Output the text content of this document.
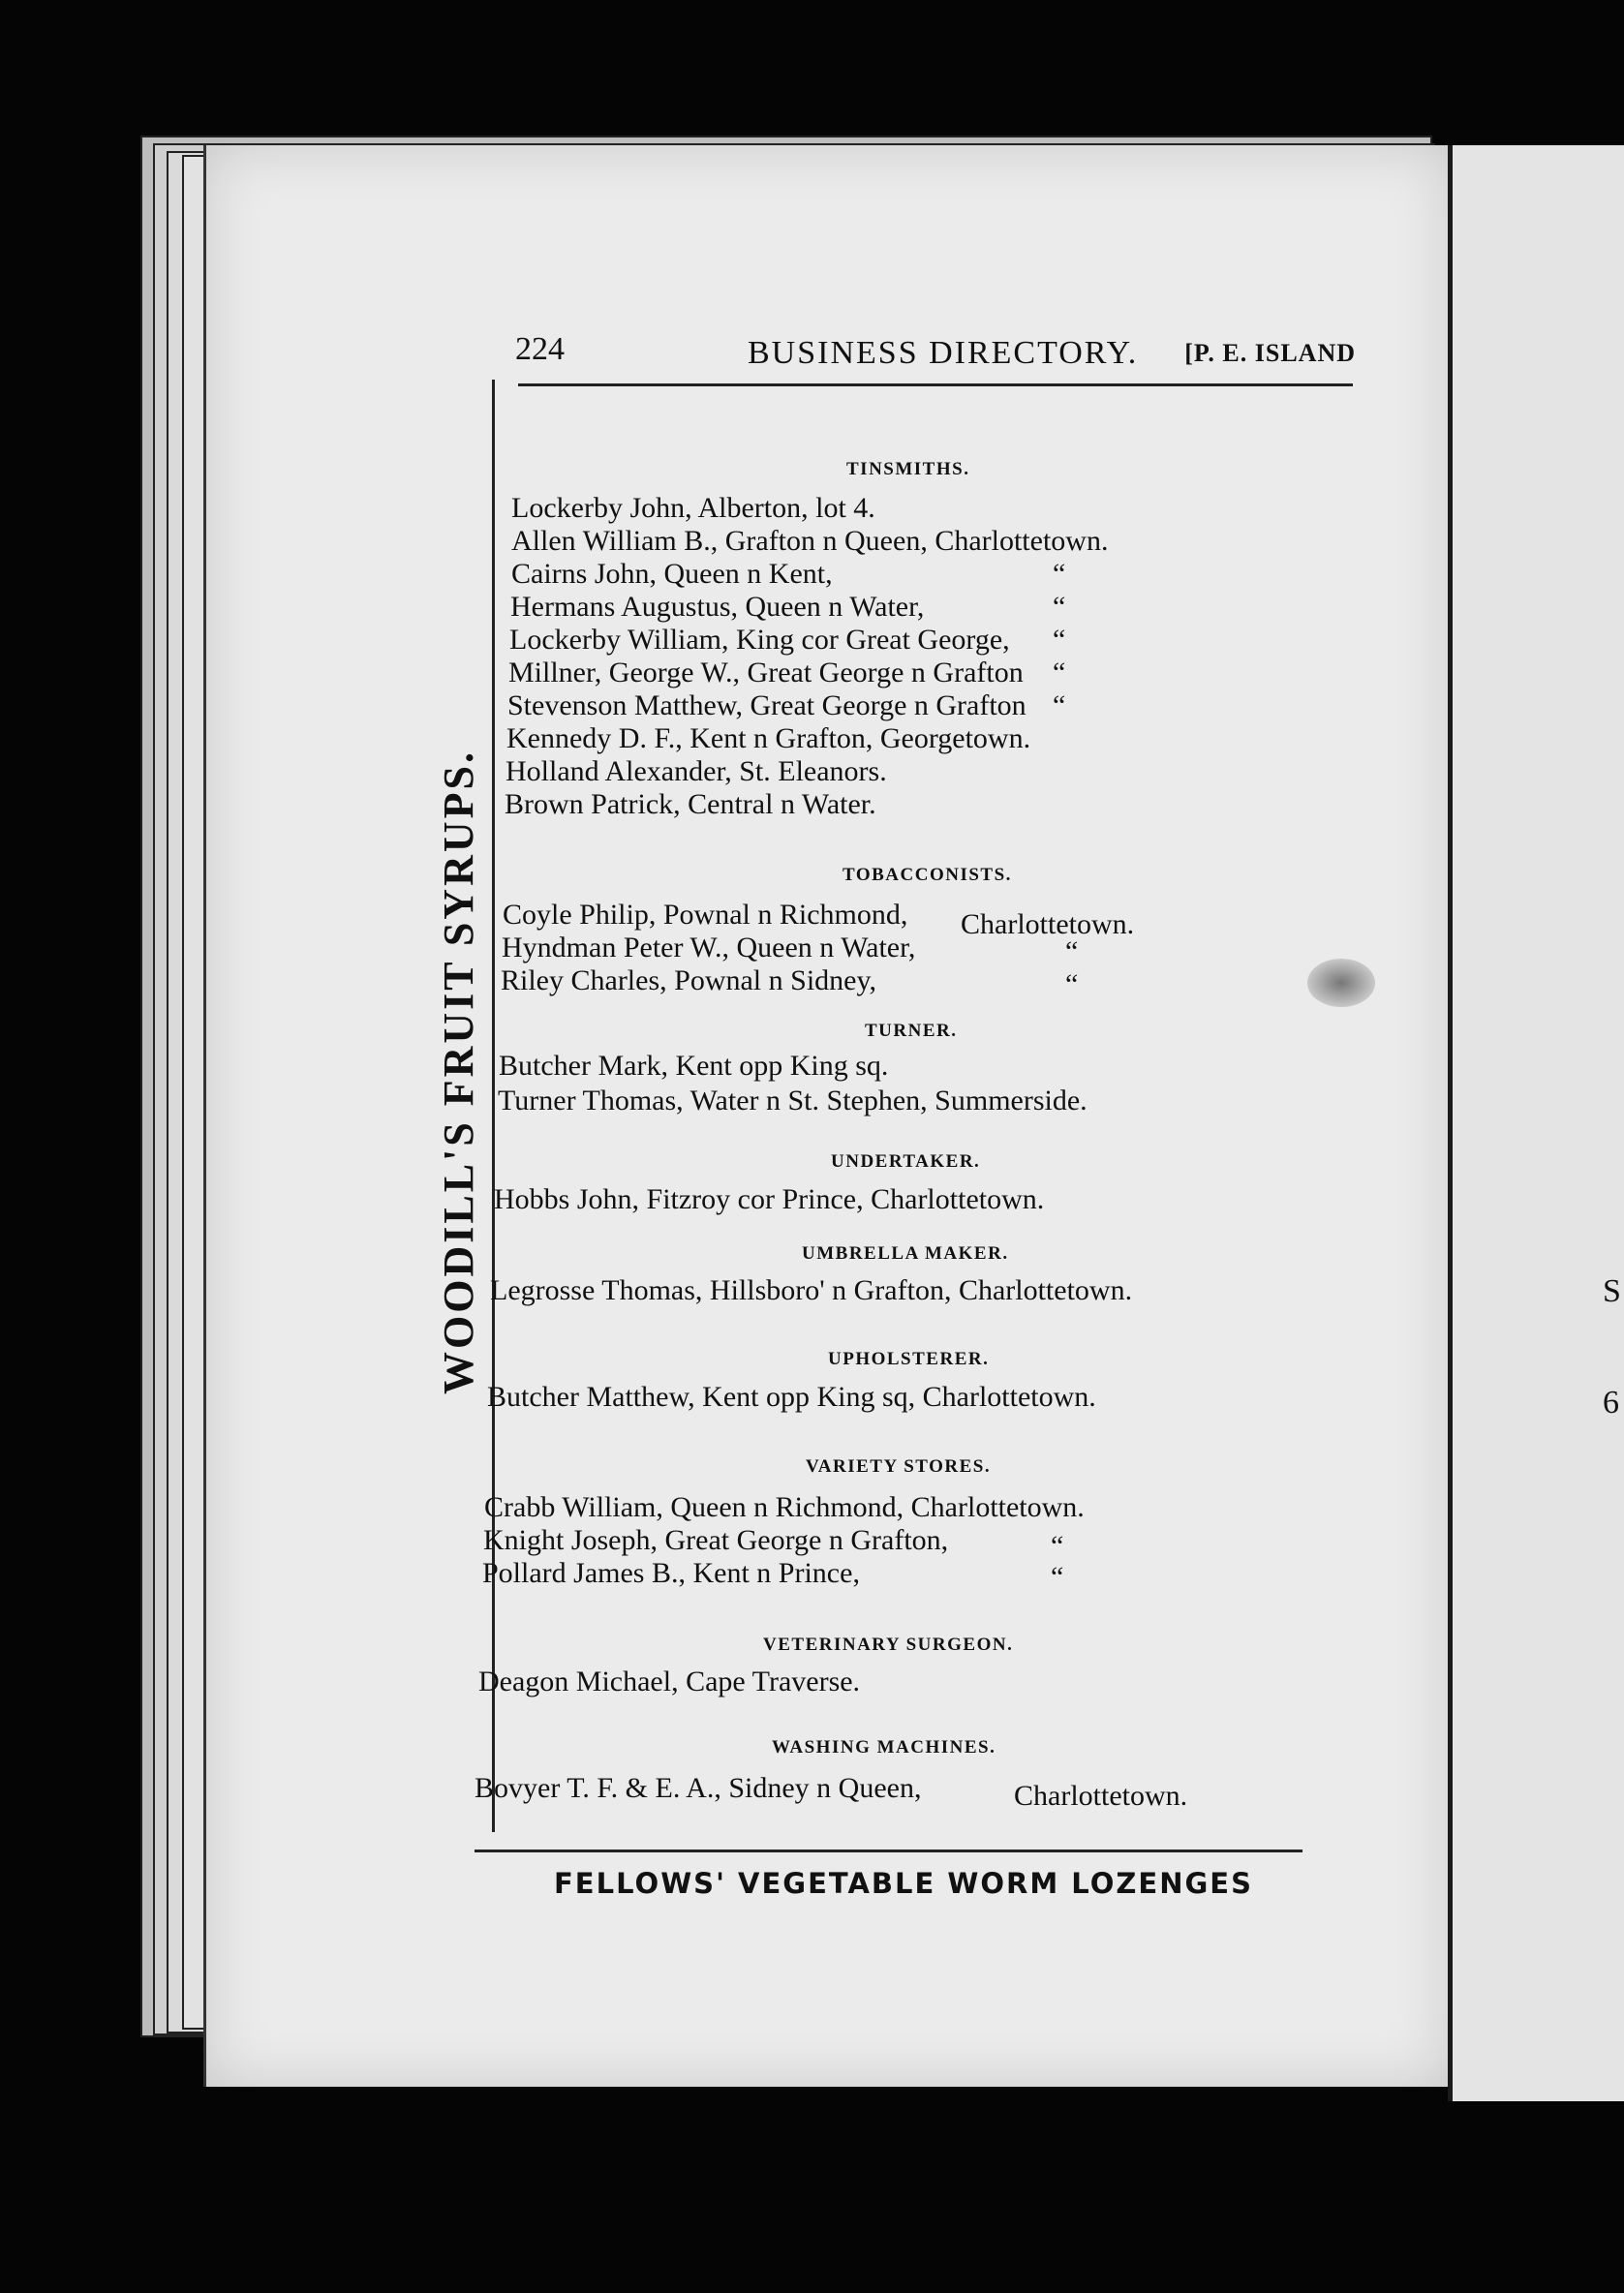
S
6
224	BUSINESS DIRECTORY. [P. E. ISLAND
WOODILL'S FRUIT SYRUPS.
TINSMITHS.
Lockerby John, Alberton, lot 4.
Allen William B., Grafton n Queen, Charlottetown.
Cairns John, Queen n Kent,	“
Hermans Augustus, Queen n Water,	“
Lockerby William, King cor Great George, “
Millner, George W., Great George n Grafton “
Stevenson Matthew, Great George n Grafton “
Kennedy D. F., Kent n Grafton, Georgetown.
Holland Alexander, St. Eleanors.
Brown Patrick, Central n Water.
TOBACCONISTS.
Coyle Philip, Pownal n Richmond, Charlottetown.
Hyndman Peter W., Queen n Water,	“
Riley Charles, Pownal n Sidney,	“
TURNER.
Butcher Mark, Kent opp King sq.
Turner Thomas, Water n St. Stephen, Summerside.
UNDERTAKER.
Hobbs John, Fitzroy cor Prince, Charlottetown.
UMBRELLA MAKER.
Legrosse Thomas, Hillsboro' n Grafton, Charlottetown.
UPHOLSTERER.
Butcher Matthew, Kent opp King sq, Charlottetown.
VARIETY STORES.
Crabb William, Queen n Richmond, Charlottetown.
Knight Joseph, Great George n Grafton,	“
Pollard James B., Kent n Prince,	“
VETERINARY SURGEON.
Deagon Michael, Cape Traverse.
WASHING MACHINES.
Bovyer T. F. & E. A., Sidney n Queen,	Charlottetown.
FELLOWS' VEGETABLE WORM LOZENGES
